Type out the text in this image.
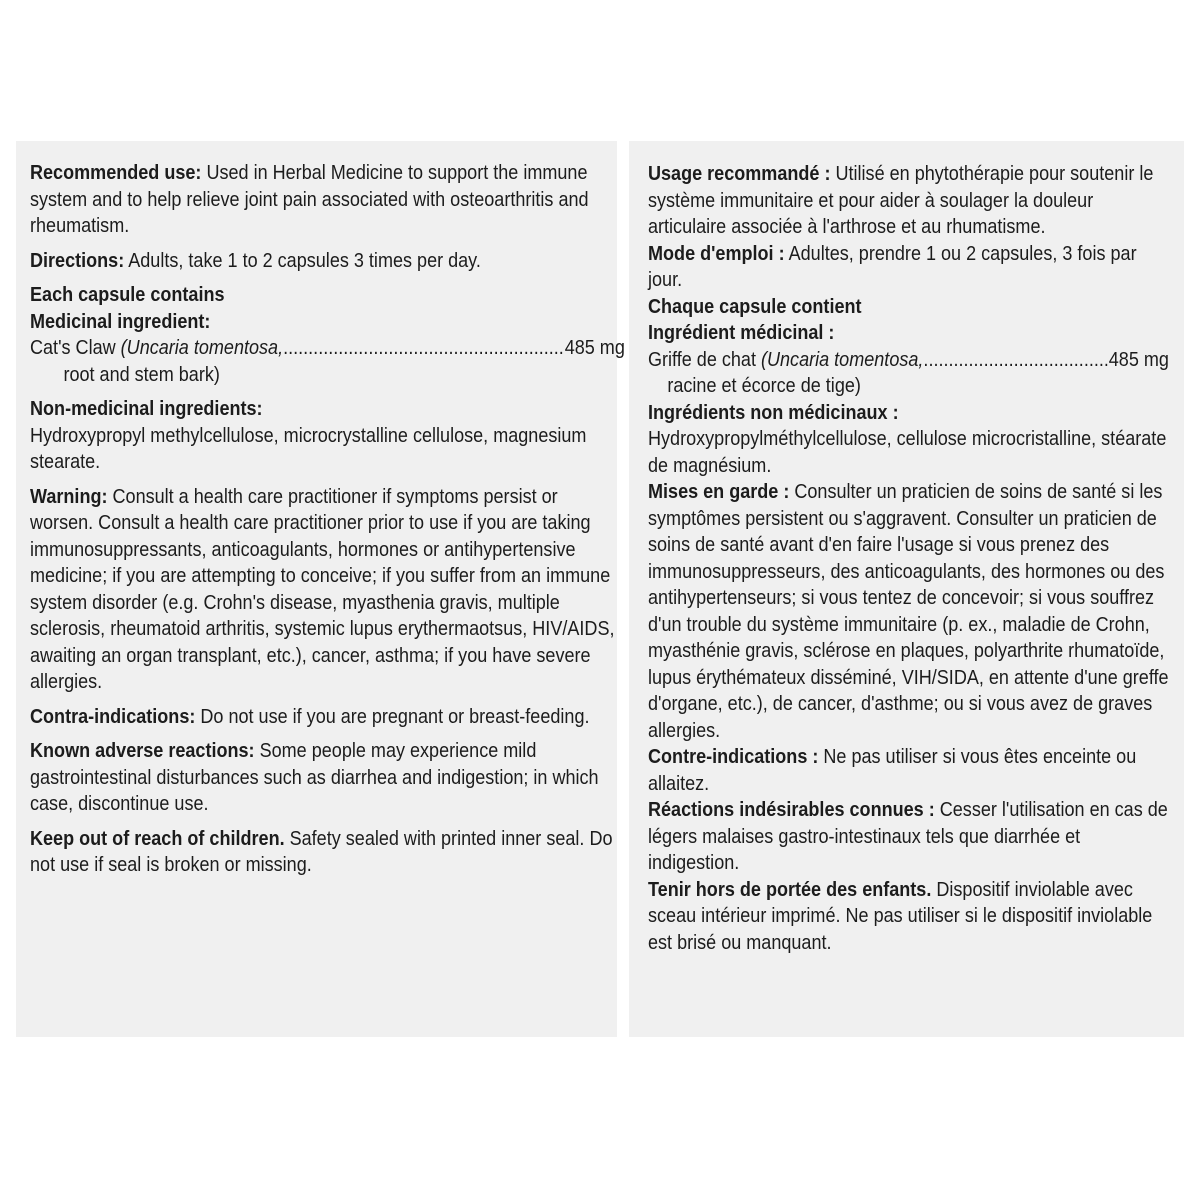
Recommended use: Used in Herbal Medicine to support the immune system and to help relieve joint pain associated with osteoarthritis and rheumatism.

Directions: Adults, take 1 to 2 capsules 3 times per day.

Each capsule contains

Medicinal ingredient:

Cat's Claw (Uncaria tomentosa, .....	485 mg
root and stem bark)

Non-medicinal ingredients:

Hydroxypropyl methylcellulose, microcrystalline cellulose, magnesium stearate.

Warning: Consult a health care practitioner if symptoms persist or worsen. Consult a health care practitioner prior to use if you are taking immunosuppressants, anticoagulants, hormones or antihypertensive medicine; if you are attempting to conceive; if you suffer from an immune system disorder (e.g. Crohn's disease, myasthenia gravis, multiple sclerosis, rheumatoid arthritis, systemic lupus erythermaotsus, HIV/AIDS, awaiting an organ transplant, etc.), cancer, asthma; if you have severe allergies.

Contra-indications: Do not use if you are pregnant or breast-feeding.

Known adverse reactions: Some people may experience mild gastrointestinal disturbances such as diarrhea and indigestion; in which case, discontinue use.

Keep out of reach of children. Safety sealed with printed inner seal. Do not use if seal is broken or missing.

Usage recommandé : Utilisé en phytothérapie pour soutenir le système immunitaire et pour aider à soulager la douleur articulaire associée à l'arthrose et au rhumatisme.

Mode d'emploi : Adultes, prendre 1 ou 2 capsules, 3 fois par jour.

Chaque capsule contient

Ingrédient médicinal :

Griffe de chat (Uncaria tomentosa, .....	485 mg
racine et écorce de tige)

Ingrédients non médicinaux :

Hydroxypropylméthylcellulose, cellulose microcristalline, stéarate de magnésium.

Mises en garde : Consulter un praticien de soins de santé si les symptômes persistent ou s'aggravent. Consulter un praticien de soins de santé avant d'en faire l'usage si vous prenez des immunosuppresseurs, des anticoagulants, des hormones ou des antihypertenseurs; si vous tentez de concevoir; si vous souffrez d'un trouble du système immunitaire (p. ex., maladie de Crohn, myasthénie gravis, sclérose en plaques, polyarthrite rhumatoïde, lupus érythémateux disséminé, VIH/SIDA, en attente d'une greffe d'organe, etc.), de cancer, d'asthme; ou si vous avez de graves allergies.

Contre-indications : Ne pas utiliser si vous êtes enceinte ou allaitez.

Réactions indésirables connues : Cesser l'utilisation en cas de légers malaises gastro-intestinaux tels que diarrhée et indigestion.

Tenir hors de portée des enfants. Dispositif inviolable avec sceau intérieur imprimé. Ne pas utiliser si le dispositif inviolable est brisé ou manquant.
